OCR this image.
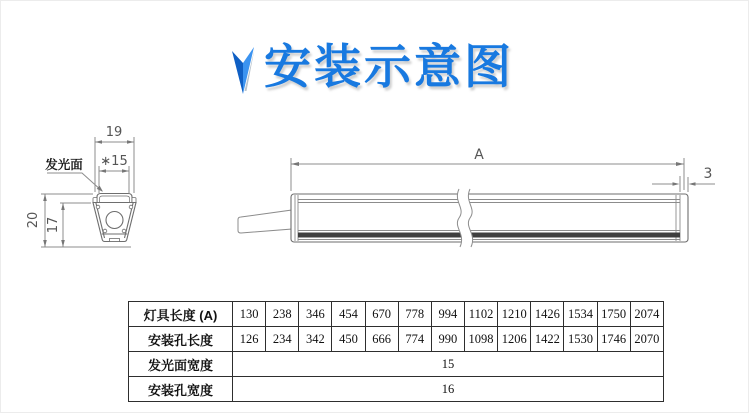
安装示意图
19
∗15
发光面
20 17
A
3
灯具长度 (A)	130	238	346	454	670	778	994	1102	1210	1426	1534	1750	2074
安装孔长度	126	234	342	450	666	774	990	1098	1206	1422	1530	1746	2070
发光面宽度	15												
安装孔宽度	16												
